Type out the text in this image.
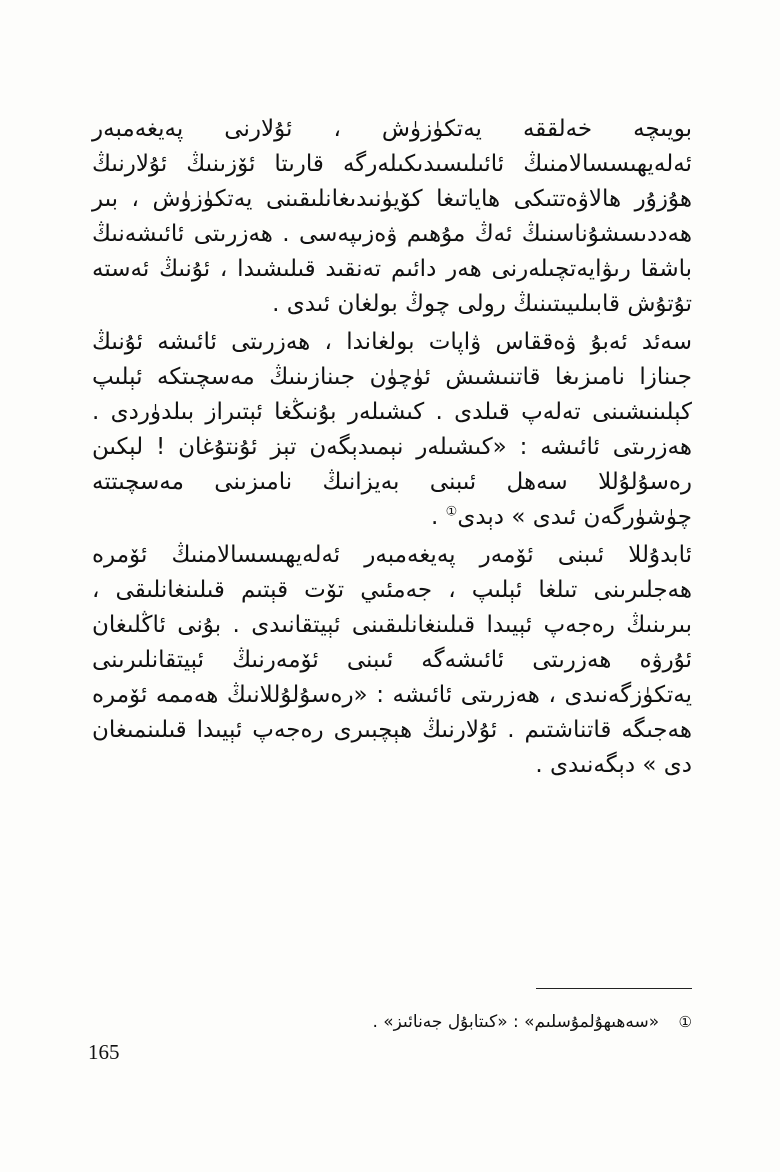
بويىچە خەلققە يەتكۈزۈش ، ئۇلارنى پەيغەمبەر ئەلەيھىسسالامنىڭ ئائىلىسىدىكىلەرگە قارىتا ئۆزىنىڭ ئۇلارنىڭ ھۇزۇر ھالاۋەتتىكى ھاياتىغا كۆيۈنىدىغانلىقىنى يەتكۈزۈش ، بىر ھەددىسشۇناسنىڭ ئەڭ مۇھىم ۋەزىپەسى . ھەزرىتى ئائىشەنىڭ باشقا رىۋايەتچىلەرنى ھەر دائىم تەنقىد قىلىشىدا ، ئۇنىڭ ئەستە تۇتۇش قابىلىيىتىنىڭ رولى چوڭ بولغان ئىدى .

سەئد ئەبۇ ۋەققاس ۋاپات بولغاندا ، ھەزرىتى ئائىشە ئۇنىڭ جىنازا نامىزىغا قاتنىشىش ئۈچۈن جىنازىنىڭ مەسچىتكە ئېلىپ كېلىنىشىنى تەلەپ قىلدى . كىشىلەر بۇنىڭغا ئېتىراز بىلدۈردى . ھەزرىتى ئائىشە : «كىشىلەر نېمىدېگەن تېز ئۇنتۇغان ! لېكىن رەسۇلۇللا سەھل ئىبنى بەيزانىڭ نامىزىنى مەسچىتتە چۈشۈرگەن ئىدى » دېدى① .

ئابدۇللا ئىبنى ئۆمەر پەيغەمبەر ئەلەيھىسسالامنىڭ ئۆمرە ھەجلىرىنى تىلغا ئېلىپ ، جەمئىي تۆت قېتىم قىلىنغانلىقى ، بىرىنىڭ رەجەپ ئېيىدا قىلىنغانلىقىنى ئېيتقانىدى . بۇنى ئاڭلىغان ئۇرۋە ھەزرىتى ئائىشەگە ئىبنى ئۆمەرنىڭ ئېيتقانلىرىنى يەتكۈزگەنىدى ، ھەزرىتى ئائىشە : «رەسۇلۇللانىڭ ھەممە ئۆمرە ھەجىگە قاتناشتىم . ئۇلارنىڭ ھېچبىرى رەجەپ ئېيىدا قىلىنمىغان دى » دېگەنىدى .

① «سەھىھۇلمۇسلىم» : «كىتابۇل جەنائىز» .
165
